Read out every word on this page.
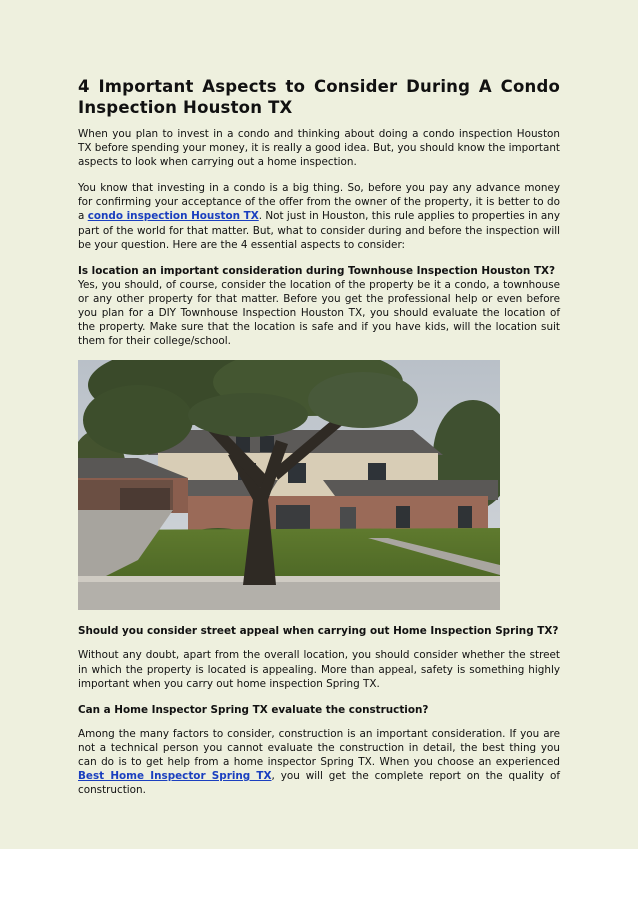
4 Important Aspects to Consider During A Condo Inspection Houston TX

When you plan to invest in a condo and thinking about doing a condo inspection Houston TX before spending your money, it is really a good idea. But, you should know the important aspects to look when carrying out a home inspection.

You know that investing in a condo is a big thing. So, before you pay any advance money for confirming your acceptance of the offer from the owner of the property, it is better to do a condo inspection Houston TX. Not just in Houston, this rule applies to properties in any part of the world for that matter. But, what to consider during and before the inspection will be your question. Here are the 4 essential aspects to consider:

Is location an important consideration during Townhouse Inspection Houston TX?

Yes, you should, of course, consider the location of the property be it a condo, a townhouse or any other property for that matter. Before you get the professional help or even before you plan for a DIY Townhouse Inspection Houston TX, you should evaluate the location of the property. Make sure that the location is safe and if you have kids, will the location suit them for their college/school.

Should you consider street appeal when carrying out Home Inspection Spring TX?

Without any doubt, apart from the overall location, you should consider whether the street in which the property is located is appealing. More than appeal, safety is something highly important when you carry out home inspection Spring TX.

Can a Home Inspector Spring TX evaluate the construction?

Among the many factors to consider, construction is an important consideration. If you are not a technical person you cannot evaluate the construction in detail, the best thing you can do is to get help from a home inspector Spring TX. When you choose an experienced Best Home Inspector Spring TX, you will get the complete report on the quality of construction.
